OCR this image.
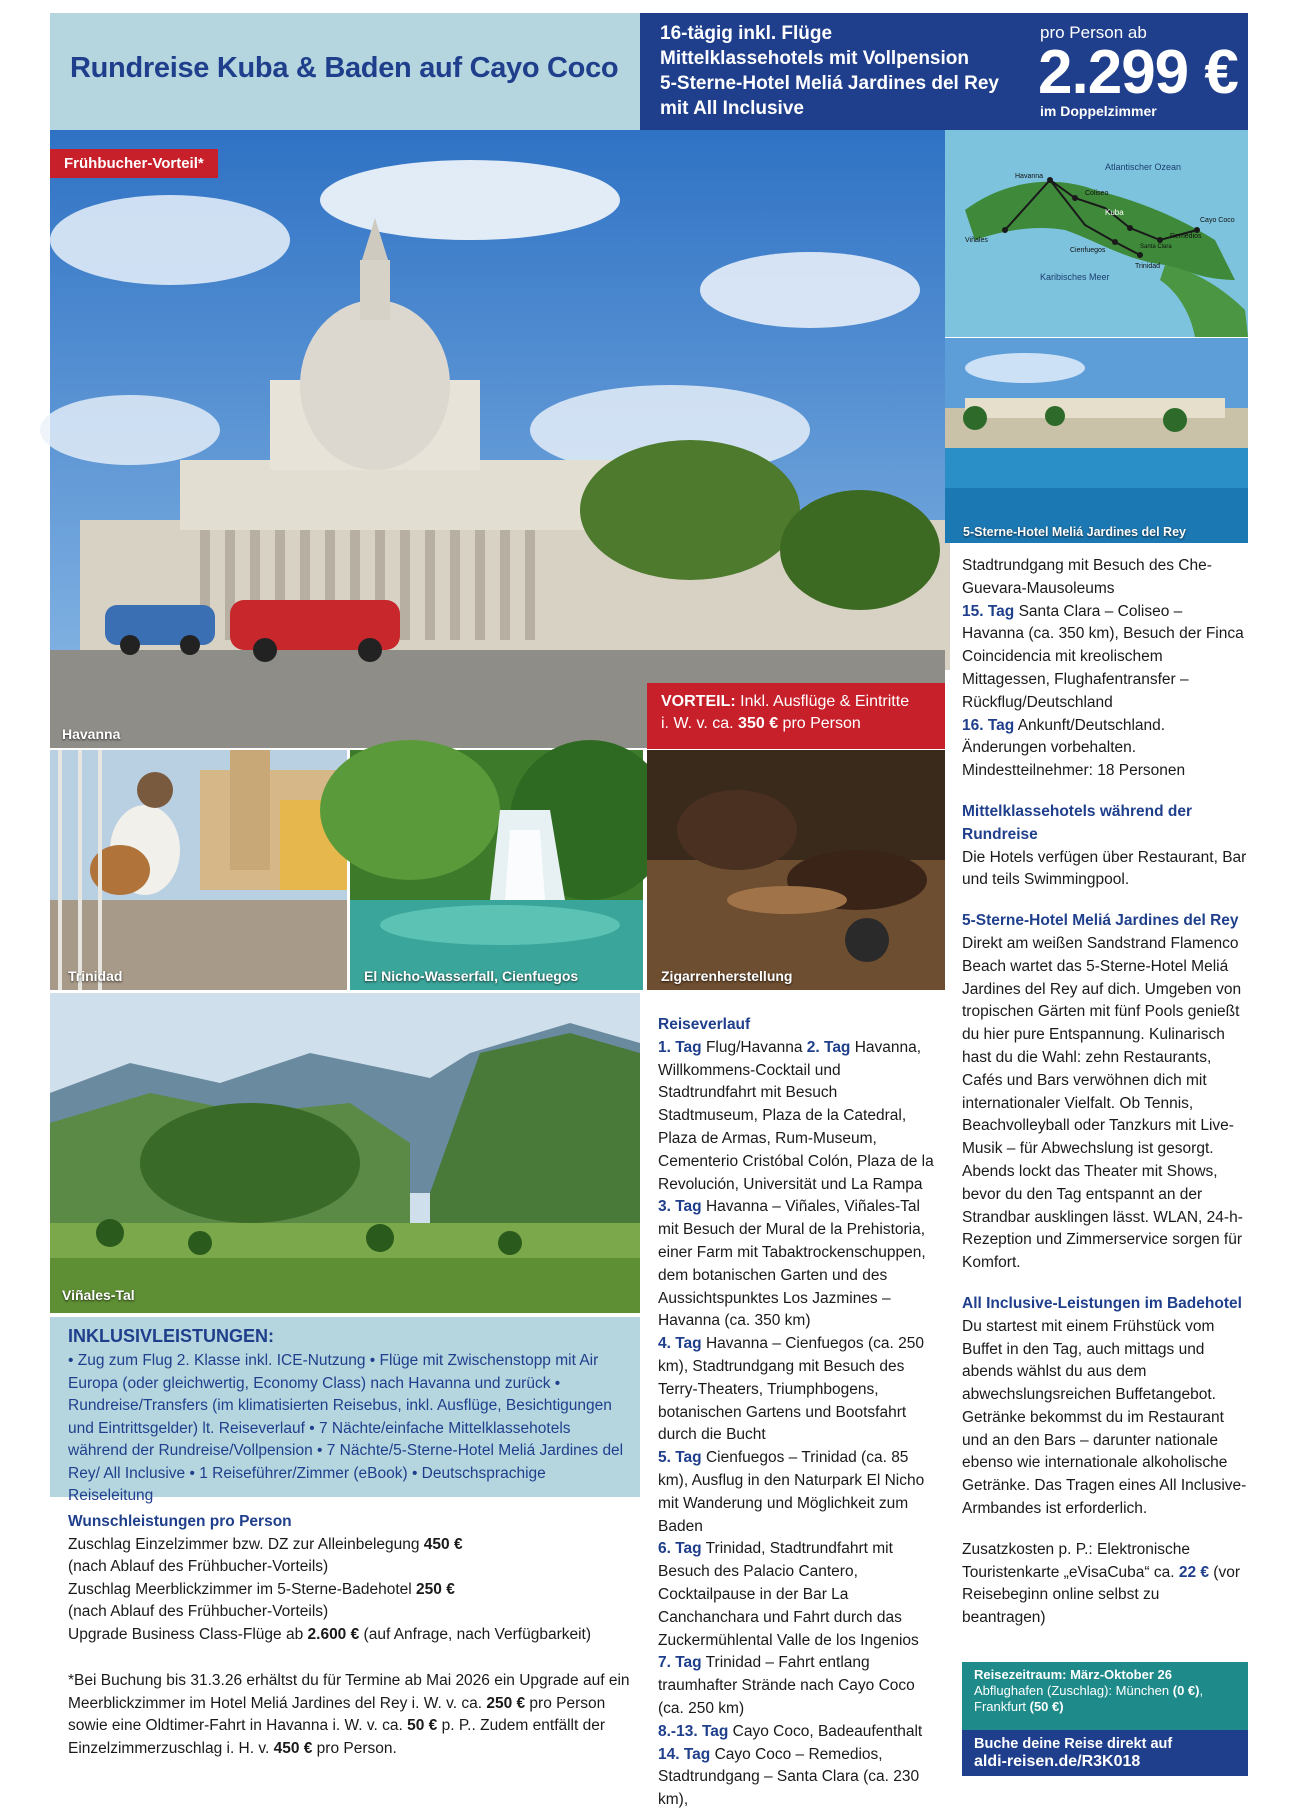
Rundreise Kuba & Baden auf Cayo Coco
16-tägig inkl. Flüge
Mittelklassehotels mit Vollpension
5-Sterne-Hotel Meliá Jardines del Rey
mit All Inclusive
pro Person ab
2.299 €
im Doppelzimmer
Havanna
Frühbucher-Vorteil*
VORTEIL: Inkl. Ausflüge & Eintritte
i. W. v. ca. 350 € pro Person
Atlantischer Ozean
Karibisches Meer
Havanna
Viñales
Coliseo
Kuba
Cayo Coco
Remedios
Santa Clara
Cienfuegos
Trinidad
5-Sterne-Hotel Meliá Jardines del Rey
Trinidad	El Nicho-Wasserfall, Cienfuegos	Zigarrenherstellung
Viñales-Tal
INKLUSIVLEISTUNGEN:
• Zug zum Flug 2. Klasse inkl. ICE-Nutzung • Flüge mit Zwischenstopp mit Air Europa (oder gleichwertig, Economy Class) nach Havanna und zurück • Rundreise/Transfers (im klimatisierten Reisebus, inkl. Ausflüge, Besichtigungen und Eintrittsgelder) lt. Reiseverlauf • 7 Nächte/einfache Mittelklassehotels während der Rundreise/Vollpension • 7 Nächte/5-Sterne-Hotel Meliá Jardines del Rey/ All Inclusive • 1 Reiseführer/Zimmer (eBook) • Deutschsprachige Reiseleitung
Wunschleistungen pro Person
Zuschlag Einzelzimmer bzw. DZ zur Alleinbelegung 450 €
(nach Ablauf des Frühbucher-Vorteils)
Zuschlag Meerblickzimmer im 5-Sterne-Badehotel 250 €
(nach Ablauf des Frühbucher-Vorteils)
Upgrade Business Class-Flüge ab 2.600 € (auf Anfrage, nach Verfügbarkeit)
*Bei Buchung bis 31.3.26 erhältst du für Termine ab Mai 2026 ein Upgrade auf ein Meerblickzimmer im Hotel Meliá Jardines del Rey i. W. v. ca. 250 € pro Person sowie eine Oldtimer-Fahrt in Havanna i. W. v. ca. 50 € p. P.. Zudem entfällt der Einzelzimmerzuschlag i. H. v. 450 € pro Person.
Reiseverlauf
1. Tag Flug/Havanna 2. Tag Havanna, Willkommens-Cocktail und Stadtrundfahrt mit Besuch Stadtmuseum, Plaza de la Catedral, Plaza de Armas, Rum-Museum, Cementerio Cristóbal Colón, Plaza de la Revolución, Universität und La Rampa 3. Tag Havanna – Viñales, Viñales-Tal mit Besuch der Mural de la Prehistoria, einer Farm mit Tabaktrockenschuppen, dem botanischen Garten und des Aussichtspunktes Los Jazmines – Havanna (ca. 350 km)
4. Tag Havanna – Cienfuegos (ca. 250 km), Stadtrundgang mit Besuch des Terry-Theaters, Triumphbogens, botanischen Gartens und Bootsfahrt durch die Bucht
5. Tag Cienfuegos – Trinidad (ca. 85 km), Ausflug in den Naturpark El Nicho mit Wanderung und Möglichkeit zum Baden
6. Tag Trinidad, Stadtrundfahrt mit Besuch des Palacio Cantero, Cocktailpause in der Bar La Canchanchara und Fahrt durch das Zuckermühlental Valle de los Ingenios
7. Tag Trinidad – Fahrt entlang traumhafter Strände nach Cayo Coco (ca. 250 km)
8.-13. Tag Cayo Coco, Badeaufenthalt
14. Tag Cayo Coco – Remedios, Stadtrundgang – Santa Clara (ca. 230 km),
Stadtrundgang mit Besuch des Che-Guevara-Mausoleums
15. Tag Santa Clara – Coliseo – Havanna (ca. 350 km), Besuch der Finca Coincidencia mit kreolischem Mittagessen, Flughafentransfer – Rückflug/Deutschland
16. Tag Ankunft/Deutschland.
Änderungen vorbehalten.
Mindestteilnehmer: 18 Personen
Mittelklassehotels während der Rundreise
Die Hotels verfügen über Restaurant, Bar und teils Swimmingpool.
5-Sterne-Hotel Meliá Jardines del Rey
Direkt am weißen Sandstrand Flamenco Beach wartet das 5-Sterne-Hotel Meliá Jardines del Rey auf dich. Umgeben von tropischen Gärten mit fünf Pools genießt du hier pure Entspannung. Kulinarisch hast du die Wahl: zehn Restaurants, Cafés und Bars verwöhnen dich mit internationaler Vielfalt. Ob Tennis, Beachvolleyball oder Tanzkurs mit Live-Musik – für Abwechslung ist gesorgt. Abends lockt das Theater mit Shows, bevor du den Tag entspannt an der Strandbar ausklingen lässt. WLAN, 24-h-Rezeption und Zimmerservice sorgen für Komfort.
All Inclusive-Leistungen im Badehotel
Du startest mit einem Frühstück vom Buffet in den Tag, auch mittags und abends wählst du aus dem abwechslungsreichen Buffetangebot. Getränke bekommst du im Restaurant und an den Bars – darunter nationale ebenso wie internationale alkoholische Getränke. Das Tragen eines All Inclusive-Armbandes ist erforderlich.
Zusatzkosten p. P.: Elektronische Touristenkarte „eVisaCuba“ ca. 22 € (vor Reisebeginn online selbst zu beantragen)
Reisezeitraum: März-Oktober 26
Abflughafen (Zuschlag): München (0 €),
Frankfurt (50 €)
Buche deine Reise direkt auf
aldi-reisen.de/R3K018
